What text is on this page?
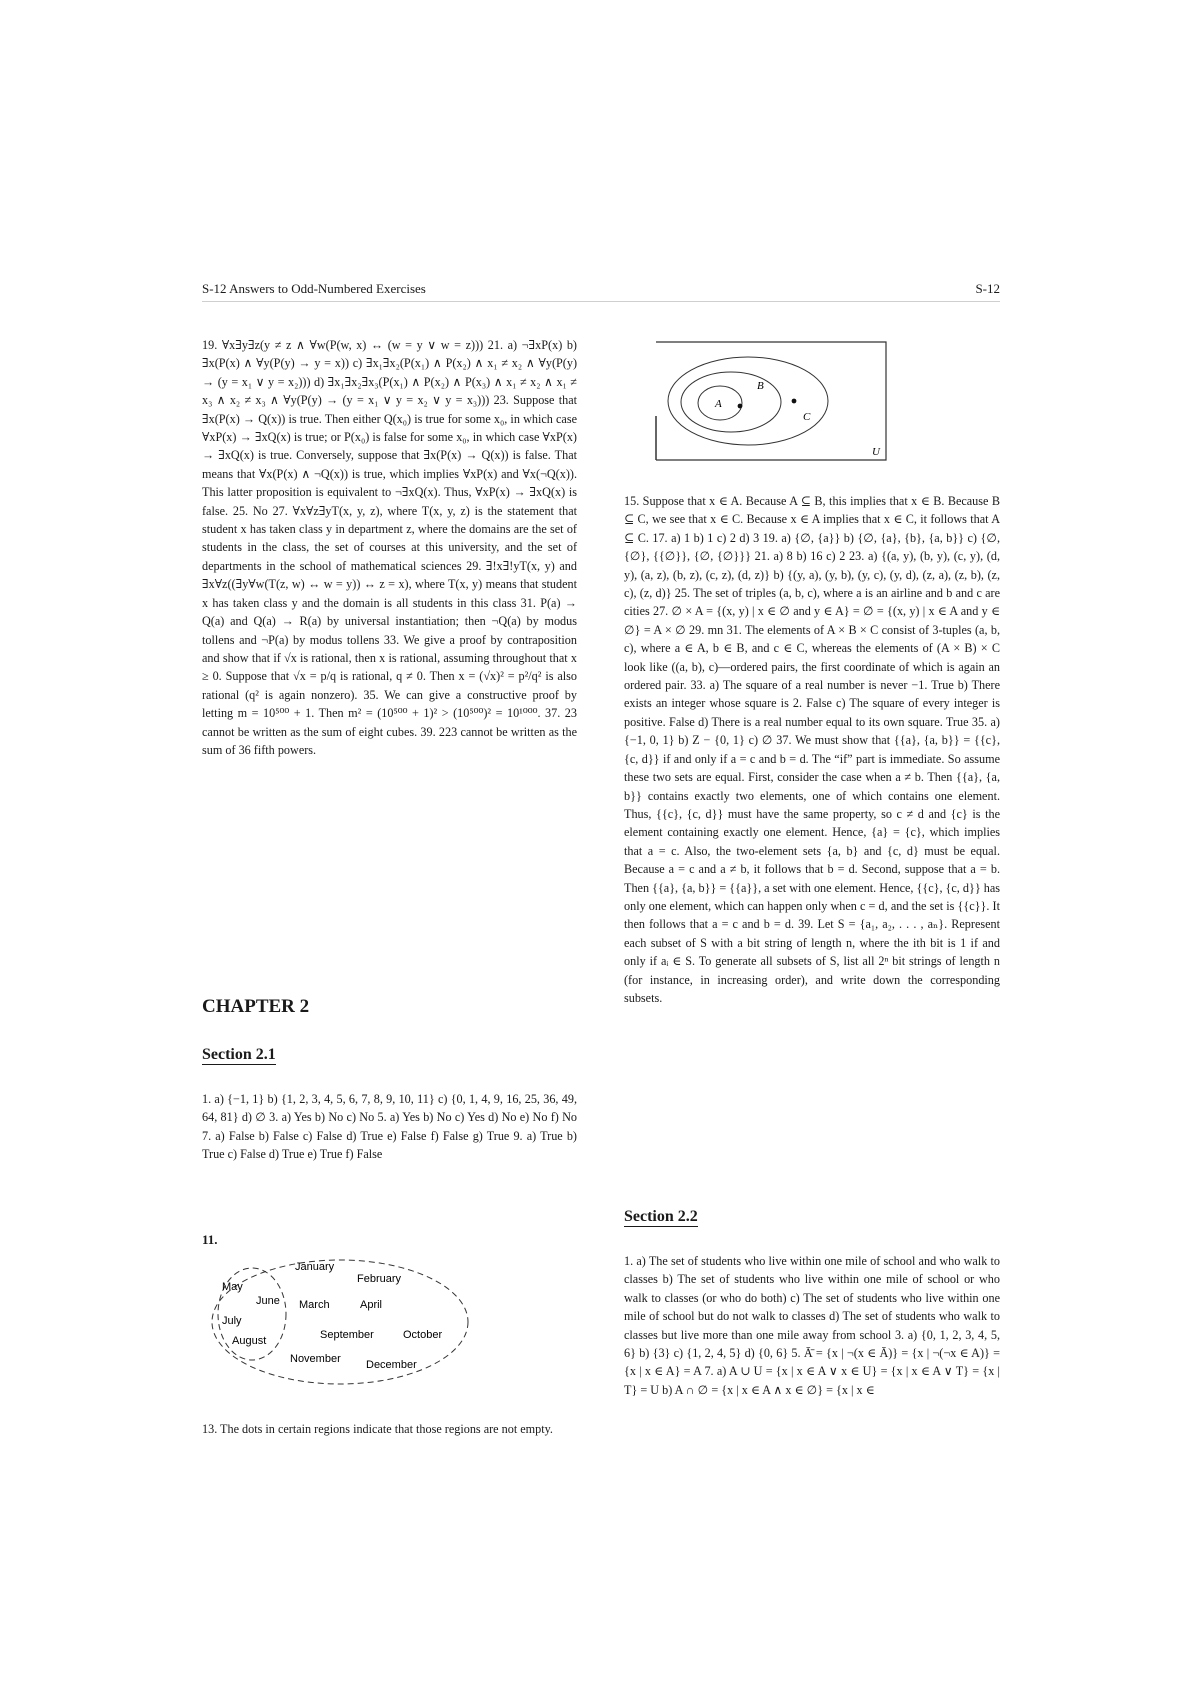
S-12 Answers to Odd-Numbered Exercises	S-12

19. ∀x∃y∃z(y ≠ z ∧ ∀w(P(w, x) ↔ (w = y ∨ w = z))) 21. a) ¬∃xP(x) b) ∃x(P(x) ∧ ∀y(P(y) → y = x)) c) ∃x₁∃x₂(P(x₁) ∧ P(x₂) ∧ x₁ ≠ x₂ ∧ ∀y(P(y) → (y = x₁ ∨ y = x₂))) d) ∃x₁∃x₂∃x₃(P(x₁) ∧ P(x₂) ∧ P(x₃) ∧ x₁ ≠ x₂ ∧ x₁ ≠ x₃ ∧ x₂ ≠ x₃ ∧ ∀y(P(y) → (y = x₁ ∨ y = x₂ ∨ y = x₃))) 23. Suppose that ∃x(P(x) → Q(x)) is true. Then either Q(x₀) is true for some x₀, in which case ∀xP(x) → ∃xQ(x) is true; or P(x₀) is false for some x₀, in which case ∀xP(x) → ∃xQ(x) is true. Conversely, suppose that ∃x(P(x) → Q(x)) is false. That means that ∀x(P(x) ∧ ¬Q(x)) is true, which implies ∀xP(x) and ∀x(¬Q(x)). This latter proposition is equivalent to ¬∃xQ(x). Thus, ∀xP(x) → ∃xQ(x) is false. 25. No 27. ∀x∀z∃yT(x, y, z), where T(x, y, z) is the statement that student x has taken class y in department z, where the domains are the set of students in the class, the set of courses at this university, and the set of departments in the school of mathematical sciences 29. ∃!x∃!yT(x, y) and ∃x∀z((∃y∀w(T(z, w) ↔ w = y)) ↔ z = x), where T(x, y) means that student x has taken class y and the domain is all students in this class 31. P(a) → Q(a) and Q(a) → R(a) by universal instantiation; then ¬Q(a) by modus tollens and ¬P(a) by modus tollens 33. We give a proof by contraposition and show that if √x is rational, then x is rational, assuming throughout that x ≥ 0. Suppose that √x = p/q is rational, q ≠ 0. Then x = (√x)² = p²/q² is also rational (q² is again nonzero). 35. We can give a constructive proof by letting m = 10⁵⁰⁰ + 1. Then m² = (10⁵⁰⁰ + 1)² > (10⁵⁰⁰)² = 10¹⁰⁰⁰. 37. 23 cannot be written as the sum of eight cubes. 39. 223 cannot be written as the sum of 36 fifth powers.

CHAPTER 2
Section 2.1

1. a) {−1, 1} b) {1, 2, 3, 4, 5, 6, 7, 8, 9, 10, 11} c) {0, 1, 4, 9, 16, 25, 36, 49, 64, 81} d) ∅ 3. a) Yes b) No c) No 5. a) Yes b) No c) Yes d) No e) No f) No 7. a) False b) False c) False d) True e) False f) False g) True 9. a) True b) True c) False d) True e) True f) False

11.
January
February
May
June March	April
July
August	September	October
November December
13. The dots in certain regions indicate that those regions are not empty.
A
B
C
U

15. Suppose that x ∈ A. Because A ⊆ B, this implies that x ∈ B. Because B ⊆ C, we see that x ∈ C. Because x ∈ A implies that x ∈ C, it follows that A ⊆ C. 17. a) 1 b) 1 c) 2 d) 3 19. a) {∅, {a}} b) {∅, {a}, {b}, {a, b}} c) {∅, {∅}, {{∅}}, {∅, {∅}}} 21. a) 8 b) 16 c) 2 23. a) {(a, y), (b, y), (c, y), (d, y), (a, z), (b, z), (c, z), (d, z)} b) {(y, a), (y, b), (y, c), (y, d), (z, a), (z, b), (z, c), (z, d)} 25. The set of triples (a, b, c), where a is an airline and b and c are cities 27. ∅ × A = {(x, y) | x ∈ ∅ and y ∈ A} = ∅ = {(x, y) | x ∈ A and y ∈ ∅} = A × ∅ 29. mn 31. The elements of A × B × C consist of 3-tuples (a, b, c), where a ∈ A, b ∈ B, and c ∈ C, whereas the elements of (A × B) × C look like ((a, b), c)—ordered pairs, the first coordinate of which is again an ordered pair. 33. a) The square of a real number is never −1. True b) There exists an integer whose square is 2. False c) The square of every integer is positive. False d) There is a real number equal to its own square. True 35. a) {−1, 0, 1} b) Z − {0, 1} c) ∅ 37. We must show that {{a}, {a, b}} = {{c}, {c, d}} if and only if a = c and b = d. The “if” part is immediate. So assume these two sets are equal. First, consider the case when a ≠ b. Then {{a}, {a, b}} contains exactly two elements, one of which contains one element. Thus, {{c}, {c, d}} must have the same property, so c ≠ d and {c} is the element containing exactly one element. Hence, {a} = {c}, which implies that a = c. Also, the two-element sets {a, b} and {c, d} must be equal. Because a = c and a ≠ b, it follows that b = d. Second, suppose that a = b. Then {{a}, {a, b}} = {{a}}, a set with one element. Hence, {{c}, {c, d}} has only one element, which can happen only when c = d, and the set is {{c}}. It then follows that a = c and b = d. 39. Let S = {a₁, a₂, . . . , aₙ}. Represent each subset of S with a bit string of length n, where the ith bit is 1 if and only if aᵢ ∈ S. To generate all subsets of S, list all 2ⁿ bit strings of length n (for instance, in increasing order), and write down the corresponding subsets.

Section 2.2

1. a) The set of students who live within one mile of school and who walk to classes b) The set of students who live within one mile of school or who walk to classes (or who do both) c) The set of students who live within one mile of school but do not walk to classes d) The set of students who walk to classes but live more than one mile away from school 3. a) {0, 1, 2, 3, 4, 5, 6} b) {3} c) {1, 2, 4, 5} d) {0, 6} 5. Ā̄ = {x | ¬(x ∈ Ā)} = {x | ¬(¬x ∈ A)} = {x | x ∈ A} = A 7. a) A ∪ U = {x | x ∈ A ∨ x ∈ U} = {x | x ∈ A ∨ T} = {x | T} = U b) A ∩ ∅ = {x | x ∈ A ∧ x ∈ ∅} = {x | x ∈
